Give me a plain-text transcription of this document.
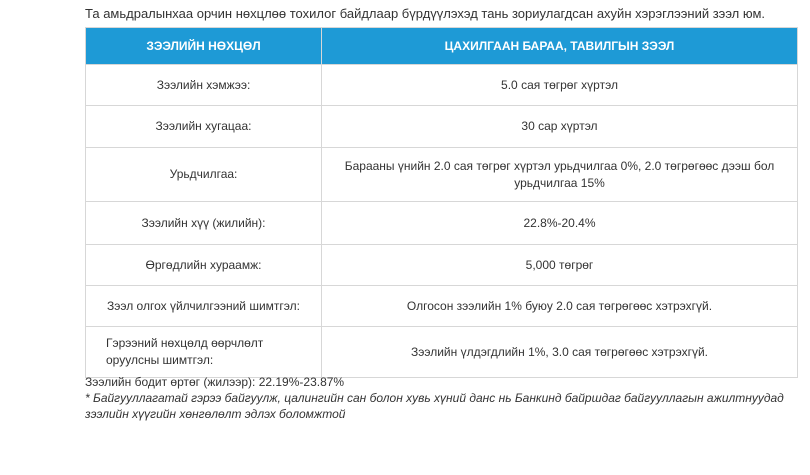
Та амьдралынхаа орчин нөхцлөө тохилог байдлаар бүрдүүлэхэд тань зориулагдсан ахуйн хэрэглээний зээл юм.
ЗЭЭЛИЙН НӨХЦӨЛ	ЦАХИЛГААН БАРАА, ТАВИЛГЫН ЗЭЭЛ
Зээлийн хэмжээ:	5.0 сая төгрөг хүртэл
Зээлийн хугацаа:	30 сар хүртэл
Урьдчилгаа:	Барааны үнийн 2.0 сая төгрөг хүртэл урьдчилгаа 0%, 2.0 төгрөгөөс дээш бол урьдчилгаа 15%
Зээлийн хүү (жилийн):	22.8%-20.4%
Өргөдлийн хураамж:	5,000 төгрөг
Зээл олгох үйлчилгээний шимтгэл:	Олгосон зээлийн 1% буюу 2.0 сая төгрөгөөс хэтрэхгүй.
Гэрээний нөхцөлд өөрчлөлт оруулсны шимтгэл:	Зээлийн үлдэгдлийн 1%, 3.0 сая төгрөгөөс хэтрэхгүй.

Зээлийн бодит өртөг (жилээр): 22.19%-23.87%

* Байгууллагатай гэрээ байгуулж, цалингийн сан болон хувь хүний данс нь Банкинд байршдаг байгууллагын ажилтнуудад зээлийн хүүгийн хөнгөлөлт эдлэх боломжтой
